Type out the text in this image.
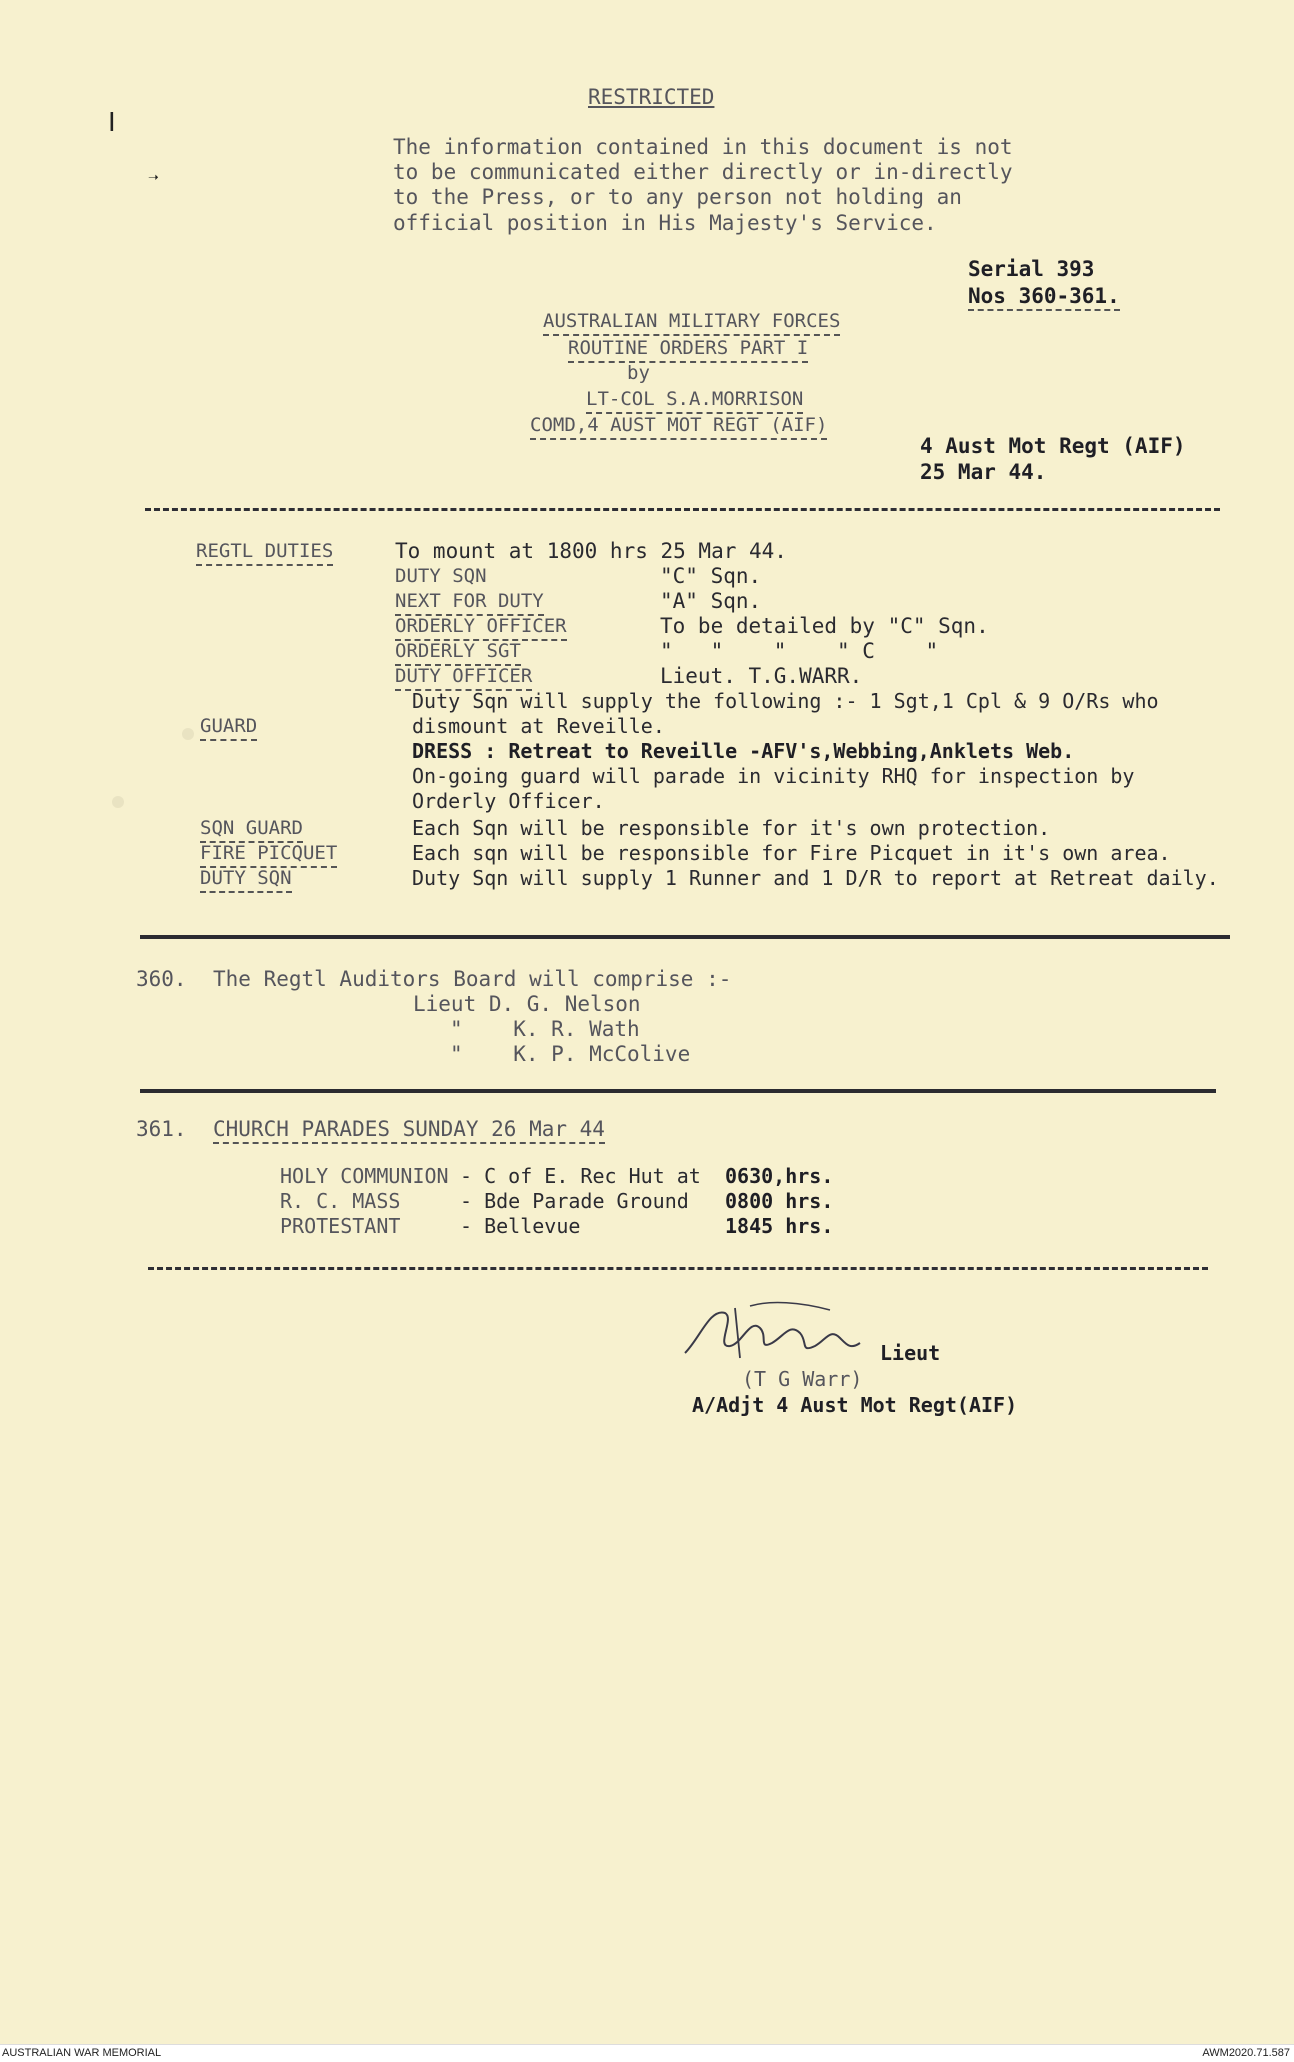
ǀ
➝
RESTRICTED
The information contained in this document is not
to be communicated either directly or in-directly
to the Press, or to any person not holding an
official position in His Majesty's Service.
Serial 393
Nos 360-361.
AUSTRALIAN MILITARY FORCES
ROUTINE ORDERS PART I
by
LT-COL S.A.MORRISON
COMD,4 AUST MOT REGT (AIF)
4 Aust Mot Regt (AIF)
25 Mar 44.
REGTL DUTIES	To mount at 1800 hrs 25 Mar 44.
DUTY SQN	"C" Sqn.
NEXT FOR DUTY	"A" Sqn.
ORDERLY OFFICER	To be detailed by "C" Sqn.
ORDERLY SGT	"   "    "    " C    "
DUTY OFFICER	Lieut. T.G.WARR.
GUARD
Duty Sqn will supply the following :- 1 Sgt,1 Cpl & 9 O/Rs who
dismount at Reveille.
DRESS : Retreat to Reveille -AFV's,Webbing,Anklets Web.
On-going guard will parade in vicinity RHQ for inspection by
Orderly Officer.
SQN GUARD	Each Sqn will be responsible for it's own protection.
FIRE PICQUET	Each sqn will be responsible for Fire Picquet in it's own area.
DUTY SQN	Duty Sqn will supply 1 Runner and 1 D/R to report at Retreat daily.
360. The Regtl Auditors Board will comprise :-
Lieut D. G. Nelson
"    K. R. Wath
"    K. P. McColive
361. CHURCH PARADES SUNDAY 26 Mar 44
HOLY COMMUNION - C of E. Rec Hut at 0630,hrs.
R. C. MASS	- Bde Parade Ground 0800 hrs.
PROTESTANT	- Bellevue	1845 hrs.
Lieut
(T G Warr)
A/Adjt 4 Aust Mot Regt(AIF)
AUSTRALIAN WAR MEMORIAL	AWM2020.71.587
